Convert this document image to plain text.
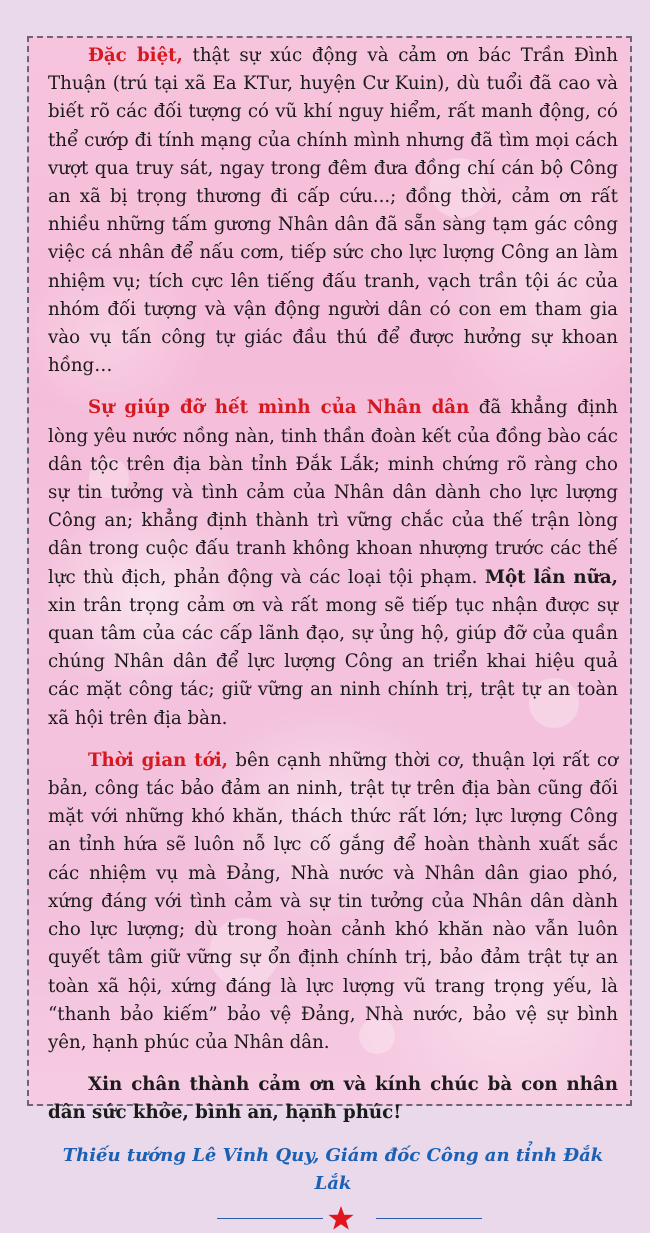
Đặc biệt, thật sự xúc động và cảm ơn bác Trần Đình Thuận (trú tại xã Ea KTur, huyện Cư Kuin), dù tuổi đã cao và biết rõ các đối tượng có vũ khí nguy hiểm, rất manh động, có thể cướp đi tính mạng của chính mình nhưng đã tìm mọi cách vượt qua truy sát, ngay trong đêm đưa đồng chí cán bộ Công an xã bị trọng thương đi cấp cứu...; đồng thời, cảm ơn rất nhiều những tấm gương Nhân dân đã sẵn sàng tạm gác công việc cá nhân để nấu cơm, tiếp sức cho lực lượng Công an làm nhiệm vụ; tích cực lên tiếng đấu tranh, vạch trần tội ác của nhóm đối tượng và vận động người dân có con em tham gia vào vụ tấn công tự giác đầu thú để được hưởng sự khoan hồng…

Sự giúp đỡ hết mình của Nhân dân đã khẳng định lòng yêu nước nồng nàn, tinh thần đoàn kết của đồng bào các dân tộc trên địa bàn tỉnh Đắk Lắk; minh chứng rõ ràng cho sự tin tưởng và tình cảm của Nhân dân dành cho lực lượng Công an; khẳng định thành trì vững chắc của thế trận lòng dân trong cuộc đấu tranh không khoan nhượng trước các thế lực thù địch, phản động và các loại tội phạm. Một lần nữa, xin trân trọng cảm ơn và rất mong sẽ tiếp tục nhận được sự quan tâm của các cấp lãnh đạo, sự ủng hộ, giúp đỡ của quần chúng Nhân dân để lực lượng Công an triển khai hiệu quả các mặt công tác; giữ vững an ninh chính trị, trật tự an toàn xã hội trên địa bàn.

Thời gian tới, bên cạnh những thời cơ, thuận lợi rất cơ bản, công tác bảo đảm an ninh, trật tự trên địa bàn cũng đối mặt với những khó khăn, thách thức rất lớn; lực lượng Công an tỉnh hứa sẽ luôn nỗ lực cố gắng để hoàn thành xuất sắc các nhiệm vụ mà Đảng, Nhà nước và Nhân dân giao phó, xứng đáng với tình cảm và sự tin tưởng của Nhân dân dành cho lực lượng; dù trong hoàn cảnh khó khăn nào vẫn luôn quyết tâm giữ vững sự ổn định chính trị, bảo đảm trật tự an toàn xã hội, xứng đáng là lực lượng vũ trang trọng yếu, là “thanh bảo kiếm” bảo vệ Đảng, Nhà nước, bảo vệ sự bình yên, hạnh phúc của Nhân dân.

Xin chân thành cảm ơn và kính chúc bà con nhân dân sức khỏe, bình an, hạnh phúc!

Thiếu tướng Lê Vinh Quy, Giám đốc Công an tỉnh Đắk Lắk
